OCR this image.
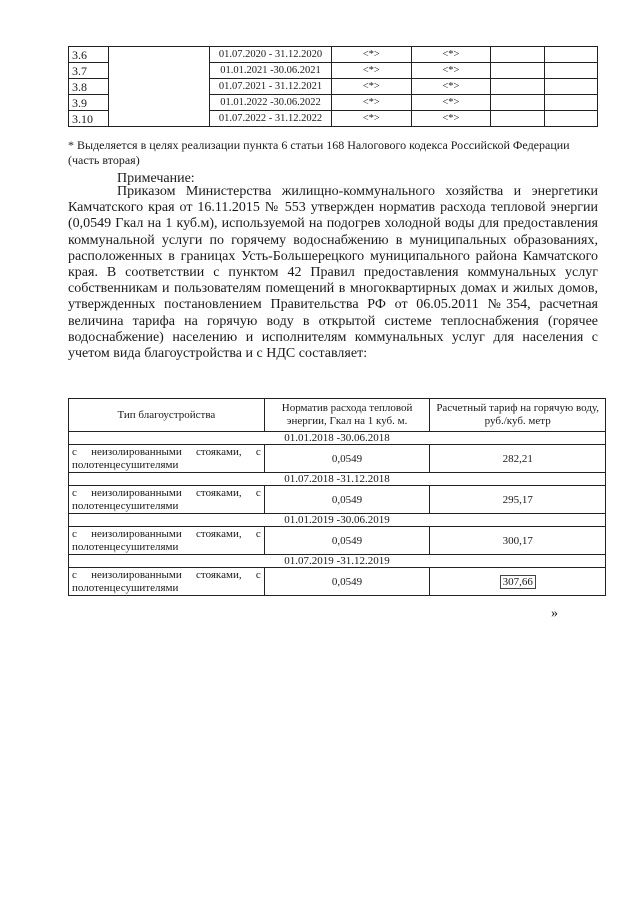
3.6		01.07.2020 - 31.12.2020	<*>	<*>		
3.7		01.01.2021 -30.06.2021	<*>	<*>		
3.8		01.07.2021 - 31.12.2021	<*>	<*>		
3.9		01.01.2022 -30.06.2022	<*>	<*>		
3.10		01.07.2022 - 31.12.2022	<*>	<*>		
* Выделяется в целях реализации пункта 6 статьи 168 Налогового кодекса Российской Федерации (часть вторая)
Примечание:

Приказом Министерства жилищно-коммунального хозяйства и энергетики Камчатского края от 16.11.2015 № 553 утвержден норматив расхода тепловой энергии (0,0549 Гкал на 1 куб.м), используемой на подогрев холодной воды для предоставления коммунальной услуги по горячему водоснабжению в муниципальных образованиях, расположенных в границах Усть-Большерецкого муниципального района Камчатского края. В соответствии с пунктом 42 Правил предоставления коммунальных услуг собственникам и пользователям помещений в многоквартирных домах и жилых домов, утвержденных постановлением Правительства РФ от 06.05.2011 №354, расчетная величина тарифа на горячую воду в открытой системе теплоснабжения (горячее водоснабжение) населению и исполнителям коммунальных услуг для населения с учетом вида благоустройства и с НДС составляет:

Тип благоустройства	Норматив расхода тепловой энергии, Гкал на 1 куб. м.	Расчетный тариф на горячую воду, руб./куб. метр
01.01.2018 -30.06.2018		
с неизолированными стояками, с полотенцесушителями	0,0549	282,21
01.07.2018 -31.12.2018		
с неизолированными стояками, с полотенцесушителями	0,0549	295,17
01.01.2019 -30.06.2019		
с неизолированными стояками, с полотенцесушителями	0,0549	300,17
01.07.2019 -31.12.2019		
с неизолированными стояками, с полотенцесушителями	0,0549	307,66
»
